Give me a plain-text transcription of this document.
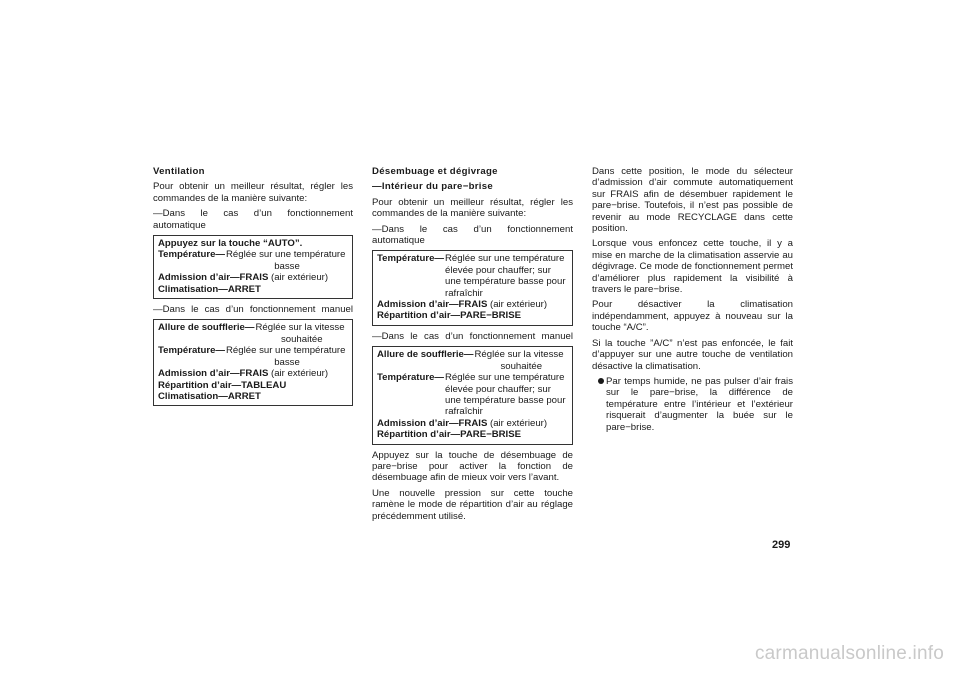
Ventilation

Pour obtenir un meilleur résultat, régler les commandes de la manière suivante:

—Dans le cas d’un fonctionnement

automatique

Appuyez sur la touche “AUTO”.
Température— Réglée sur une température
basse
Admission d’air—FRAIS (air extérieur)
Climatisation—ARRET

—Dans le cas d’un fonctionnement manuel

Allure de soufflerie— Réglée sur la vitesse
souhaitée
Température— Réglée sur une température
basse
Admission d’air—FRAIS (air extérieur)
Répartition d’air—TABLEAU
Climatisation—ARRET

Désembuage et dégivrage

—Intérieur du pare−brise

Pour obtenir un meilleur résultat, régler les commandes de la manière suivante:

—Dans le cas d’un fonctionnement

automatique

Température— Réglée sur une température
élevée pour chauffer; sur
une température basse pour
rafraîchir
Admission d’air—FRAIS (air extérieur)
Répartition d’air—PARE−BRISE

—Dans le cas d’un fonctionnement manuel

Allure de soufflerie— Réglée sur la vitesse
souhaitée
Température— Réglée sur une température
élevée pour chauffer; sur
une température basse pour
rafraîchir
Admission d’air—FRAIS (air extérieur)
Répartition d’air—PARE−BRISE

Appuyez sur la touche de désembuage de pare−brise pour activer la fonction de désembuage afin de mieux voir vers l’avant.

Une nouvelle pression sur cette touche ramène le mode de répartition d’air au réglage précédemment utilisé.

Dans cette position, le mode du sélecteur d’admission d’air commute automatiquement sur FRAIS afin de désembuer rapidement le pare−brise. Toutefois, il n’est pas possible de revenir au mode RECYCLAGE dans cette position.

Lorsque vous enfoncez cette touche, il y a mise en marche de la climatisation asservie au dégivrage. Ce mode de fonctionnement permet d’améliorer plus rapidement la visibilité à travers le pare−brise.

Pour désactiver la climatisation indépendamment, appuyez à nouveau sur la touche “A/C”.

Si la touche ”A/C” n’est pas enfoncée, le fait d’appuyer sur une autre touche de ventilation désactive la climatisation.

Par temps humide, ne pas pulser d’air frais sur le pare−brise, la différence de température entre l’intérieur et l’extérieur risquerait d’augmenter la buée sur le pare−brise.
299
carmanualsonline.info
